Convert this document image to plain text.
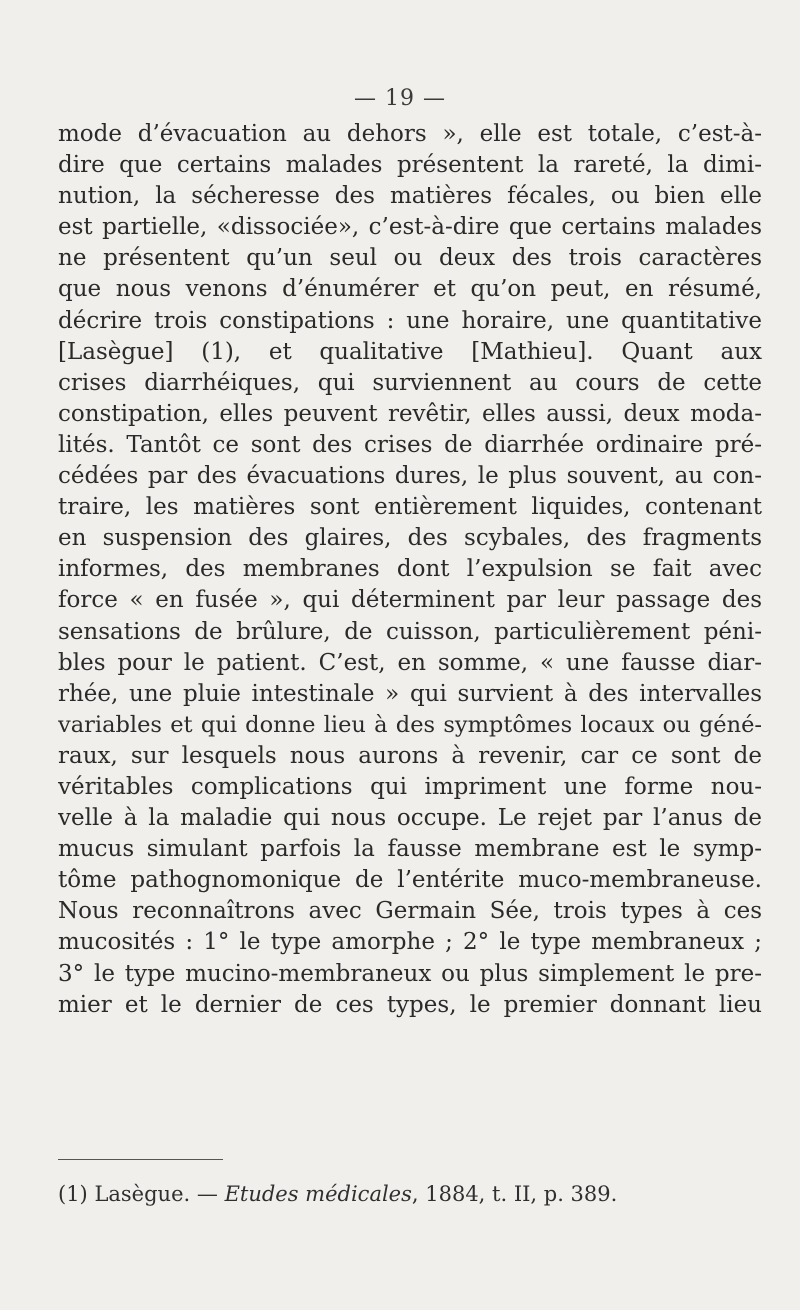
— 19 —
mode d’évacuation au dehors », elle est totale, c’est-à-
dire que certains malades présentent la rareté, la dimi-
nution, la sécheresse des matières fécales, ou bien elle
est partielle, «dissociée», c’est-à-dire que certains malades
ne présentent qu’un seul ou deux des trois caractères
que nous venons d’énumérer et qu’on peut, en résumé,
décrire trois constipations : une horaire, une quantitative
[Lasègue] (1), et qualitative [Mathieu]. Quant aux
crises diarrhéiques, qui surviennent au cours de cette
constipation, elles peuvent revêtir, elles aussi, deux moda-
lités. Tantôt ce sont des crises de diarrhée ordinaire pré-
cédées par des évacuations dures, le plus souvent, au con-
traire, les matières sont entièrement liquides, contenant
en suspension des glaires, des scybales, des fragments
informes, des membranes dont l’expulsion se fait avec
force « en fusée », qui déterminent par leur passage des
sensations de brûlure, de cuisson, particulièrement péni-
bles pour le patient. C’est, en somme, « une fausse diar-
rhée, une pluie intestinale » qui survient à des intervalles
variables et qui donne lieu à des symptômes locaux ou géné-
raux, sur lesquels nous aurons à revenir, car ce sont de
véritables complications qui impriment une forme nou-
velle à la maladie qui nous occupe. Le rejet par l’anus de
mucus simulant parfois la fausse membrane est le symp-
tôme pathognomonique de l’entérite muco-membraneuse.
Nous reconnaîtrons avec Germain Sée, trois types à ces
mucosités : 1° le type amorphe ; 2° le type membraneux ;
3° le type mucino-membraneux ou plus simplement le pre-
mier et le dernier de ces types, le premier donnant lieu
(1) Lasègue. — Etudes médicales, 1884, t. II, p. 389.
